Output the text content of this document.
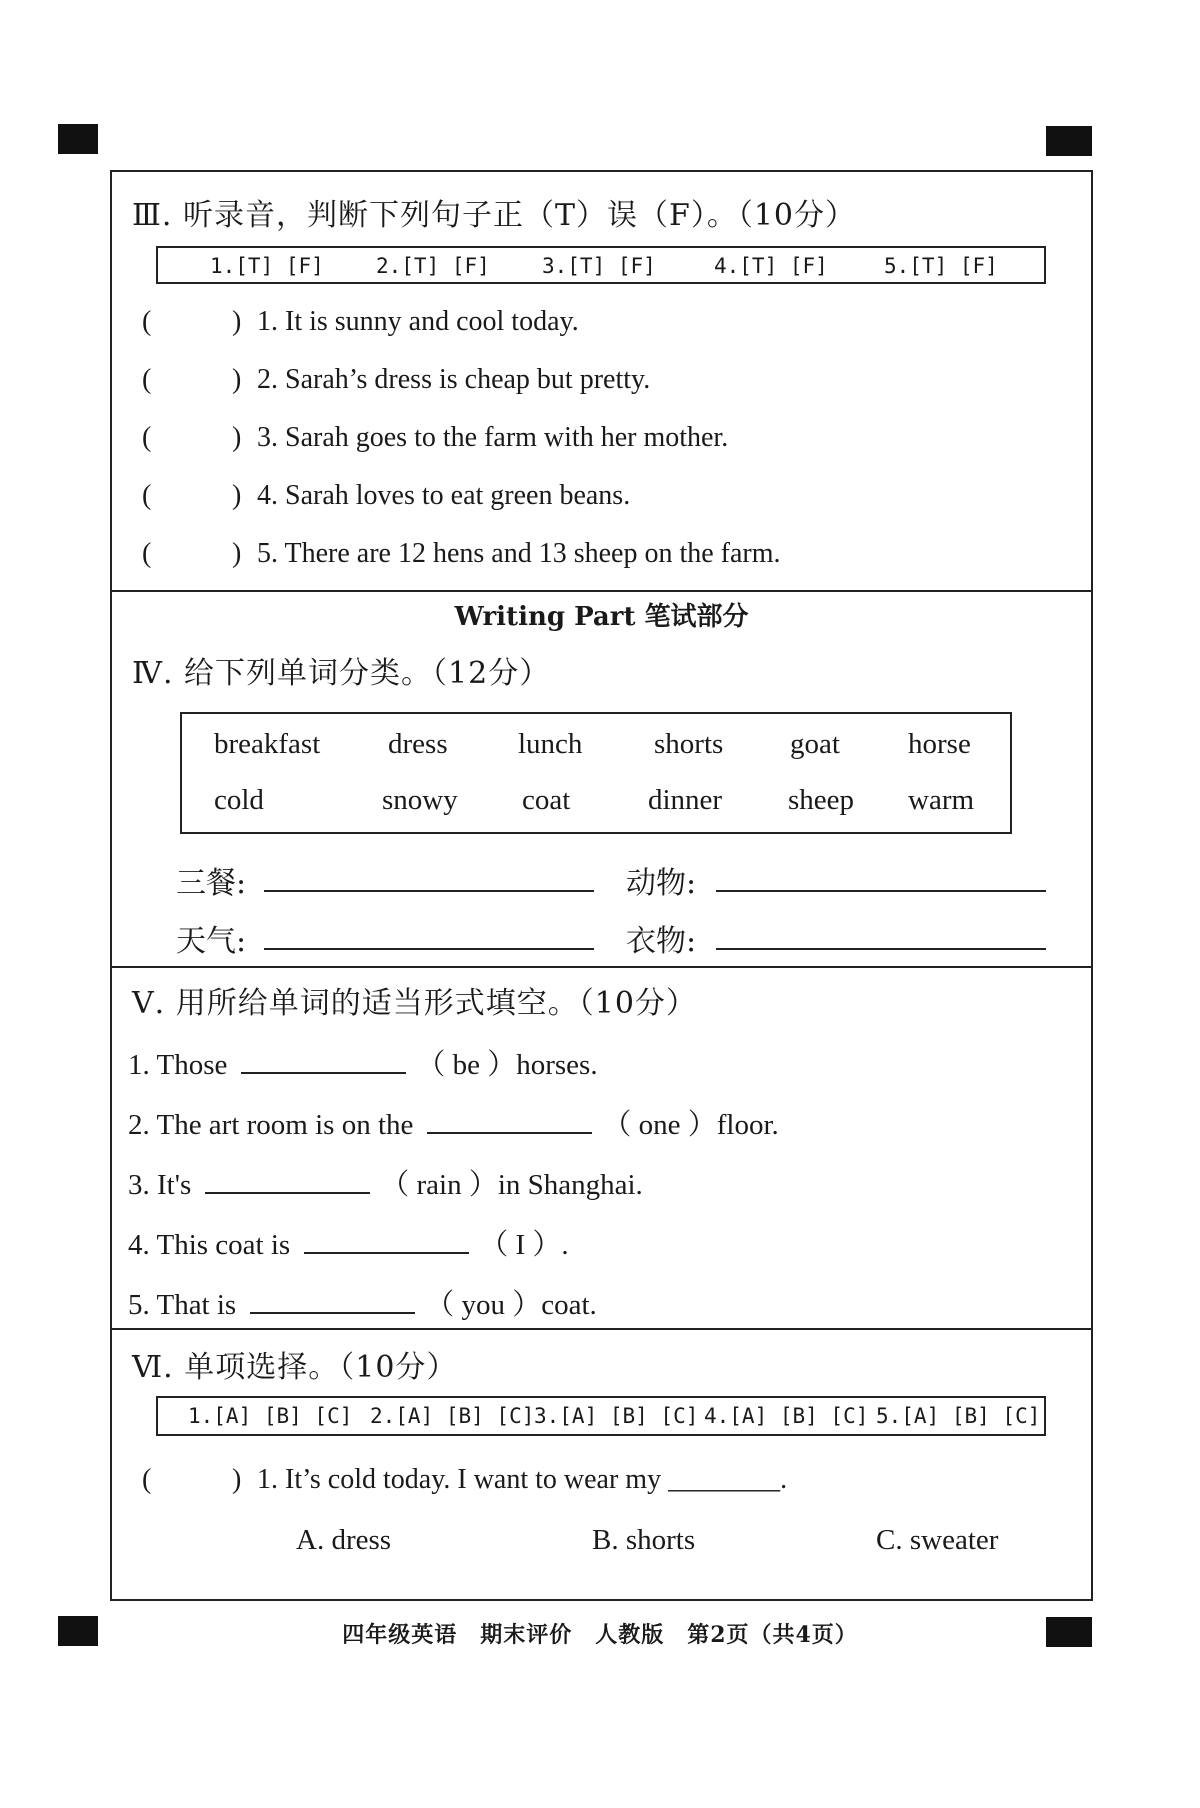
Ⅲ. 听录音，判断下列句子正（T）误（F）。（10分）
1.[T] [F] 2.[T] [F] 3.[T] [F]	4.[T] [F]	5.[T] [F]
(	) 1. It is sunny and cool today.
(	) 2. Sarah’s dress is cheap but pretty.
(	) 3. Sarah goes to the farm with her mother.
(	) 4. Sarah loves to eat green beans.
(	) 5. There are 12 hens and 13 sheep on the farm.
Writing Part 笔试部分
Ⅳ. 给下列单词分类。（12分）
breakfast dress lunch shorts goat horse
cold	snowy coat	dinner sheep warm
三餐:	动物:
天气:	衣物:
Ⅴ. 用所给单词的适当形式填空。（10分）
1. Those	（ be ）horses.
2. The art room is on the	（ one ）floor.
3. It's	（ rain ）in Shanghai.
4. This coat is	（ I ）.
5. That is	（ you ）coat.
Ⅵ. 单项选择。（10分）
1.[A] [B] [C] 2.[A] [B] [C] 3.[A] [B] [C] 4.[A] [B] [C] 5.[A] [B] [C]
(	) 1. It’s cold today. I want to wear my ________.
A. dress	B. shorts	C. sweater
四年级英语　期末评价　人教版　第2页（共4页）
